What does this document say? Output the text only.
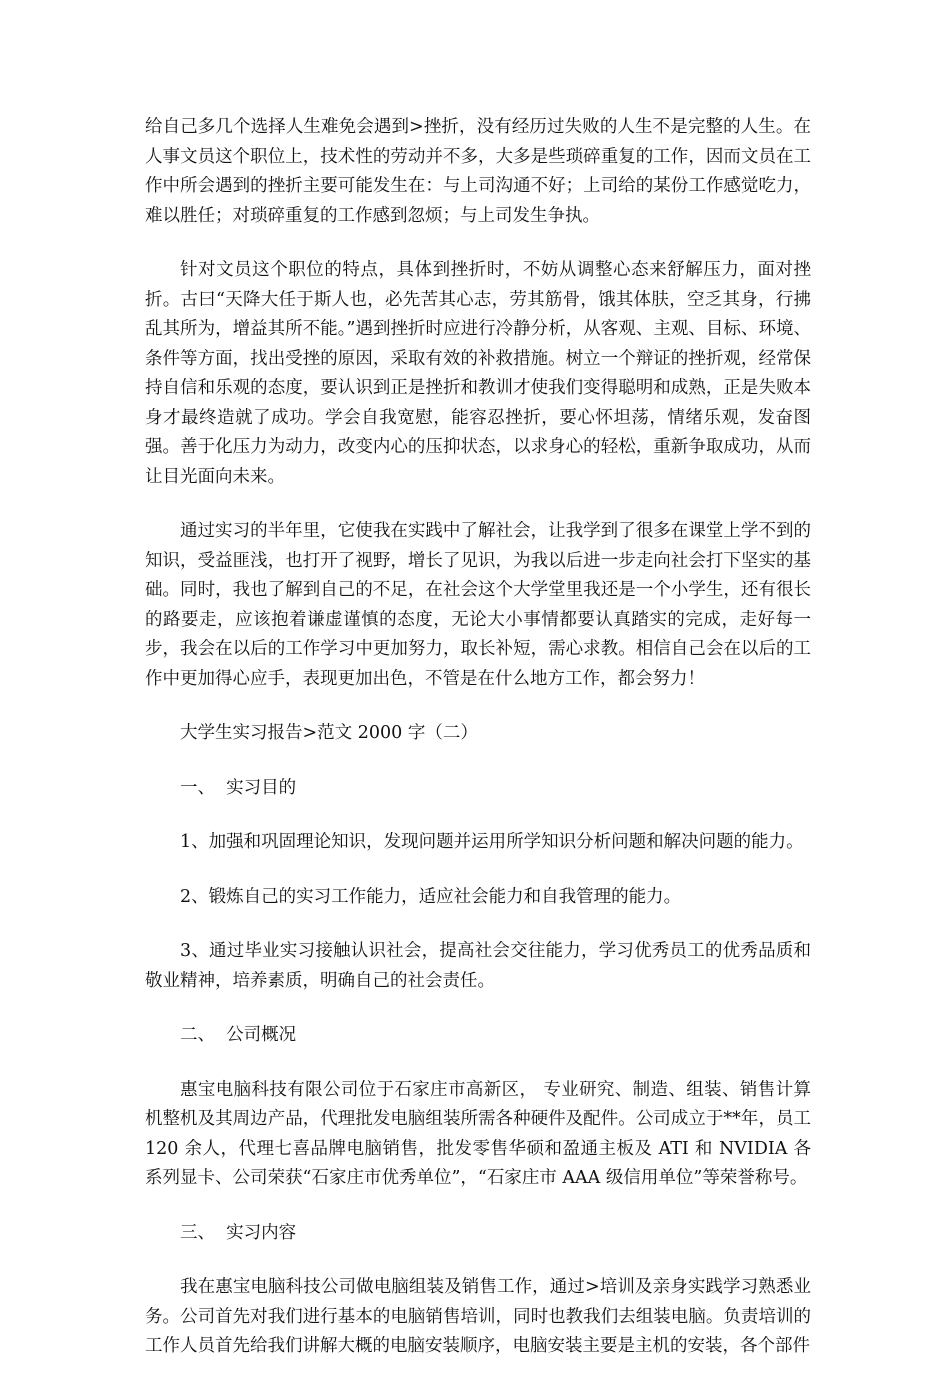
给自己多几个选择人生难免会遇到>挫折，没有经历过失败的人生不是完整的人生。在人事文员这个职位上，技术性的劳动并不多，大多是些琐碎重复的工作，因而文员在工作中所会遇到的挫折主要可能发生在：与上司沟通不好；上司给的某份工作感觉吃力，难以胜任；对琐碎重复的工作感到忽烦；与上司发生争执。

针对文员这个职位的特点，具体到挫折时，不妨从调整心态来舒解压力，面对挫折。古曰“天降大任于斯人也，必先苦其心志，劳其筋骨，饿其体肤，空乏其身，行拂乱其所为，增益其所不能。”遇到挫折时应进行冷静分析，从客观、主观、目标、环境、条件等方面，找出受挫的原因，采取有效的补救措施。树立一个辩证的挫折观，经常保持自信和乐观的态度，要认识到正是挫折和教训才使我们变得聪明和成熟，正是失败本身才最终造就了成功。学会自我宽慰，能容忍挫折，要心怀坦荡，情绪乐观，发奋图强。善于化压力为动力，改变内心的压抑状态，以求身心的轻松，重新争取成功，从而让目光面向未来。

通过实习的半年里，它使我在实践中了解社会，让我学到了很多在课堂上学不到的知识，受益匪浅，也打开了视野，增长了见识，为我以后进一步走向社会打下坚实的基础。同时，我也了解到自己的不足，在社会这个大学堂里我还是一个小学生，还有很长的路要走，应该抱着谦虚谨慎的态度，无论大小事情都要认真踏实的完成，走好每一步，我会在以后的工作学习中更加努力，取长补短，需心求教。相信自己会在以后的工作中更加得心应手，表现更加出色，不管是在什么地方工作，都会努力！

大学生实习报告>范文 2000 字（二）

一、  实习目的

1、加强和巩固理论知识，发现问题并运用所学知识分析问题和解决问题的能力。

2、锻炼自己的实习工作能力，适应社会能力和自我管理的能力。

3、通过毕业实习接触认识社会，提高社会交往能力，学习优秀员工的优秀品质和敬业精神，培养素质，明确自己的社会责任。

二、  公司概况

惠宝电脑科技有限公司位于石家庄市高新区， 专业研究、制造、组装、销售计算机整机及其周边产品，代理批发电脑组装所需各种硬件及配件。公司成立于**年，员工 120 余人，代理七喜品牌电脑销售，批发零售华硕和盈通主板及 ATI 和 NVIDIA 各系列显卡、公司荣获“石家庄市优秀单位”，“石家庄市 AAA 级信用单位”等荣誉称号。

三、  实习内容

我在惠宝电脑科技公司做电脑组装及销售工作，通过>培训及亲身实践学习熟悉业务。公司首先对我们进行基本的电脑销售培训，同时也教我们去组装电脑。负责培训的工作人员首先给我们讲解大概的电脑安装顺序，电脑安装主要是主机的安装，各个部件
